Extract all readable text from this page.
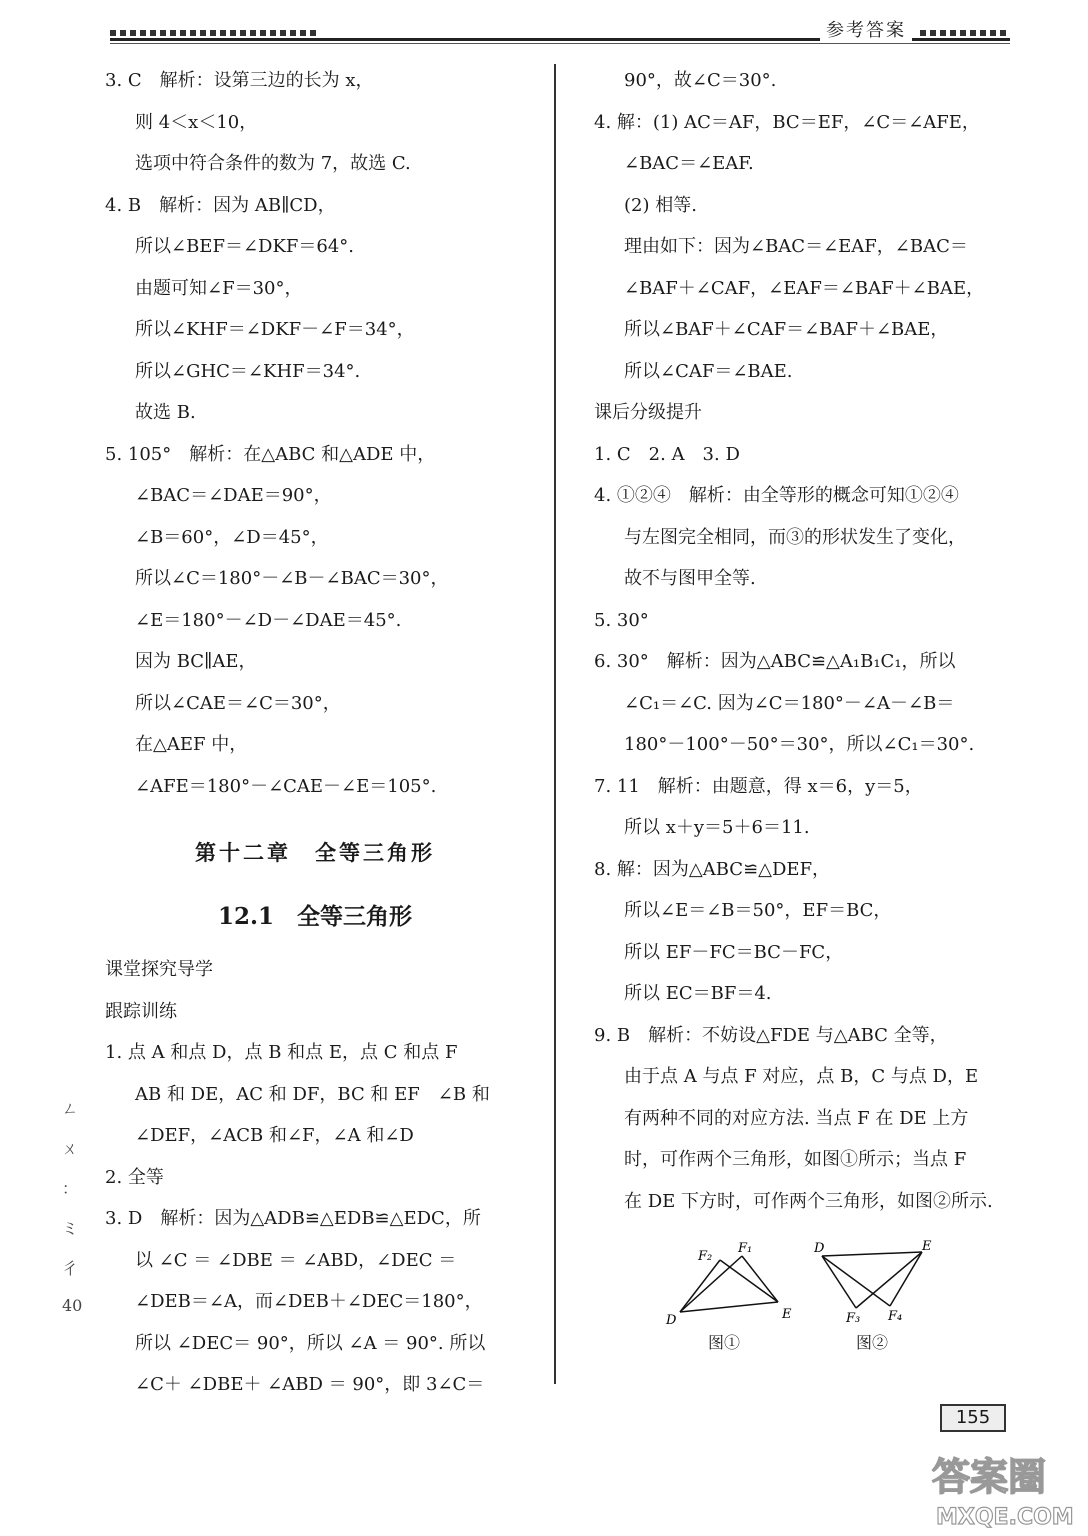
参考答案
3. C　解析：设第三边的长为 x，
则 4＜x＜10，
选项中符合条件的数为 7，故选 C.
4. B　解析：因为 AB∥CD，
所以∠BEF＝∠DKF＝64°.
由题可知∠F＝30°，
所以∠KHF＝∠DKF－∠F＝34°，
所以∠GHC＝∠KHF＝34°.
故选 B.
5. 105°　解析：在△ABC 和△ADE 中，
∠BAC＝∠DAE＝90°，
∠B＝60°，∠D＝45°，
所以∠C＝180°－∠B－∠BAC＝30°，
∠E＝180°－∠D－∠DAE＝45°.
因为 BC∥AE，
所以∠CAE＝∠C＝30°，
在△AEF 中，
∠AFE＝180°－∠CAE－∠E＝105°.
第十二章　全等三角形
12.1　全等三角形
课堂探究导学
跟踪训练
1. 点 A 和点 D，点 B 和点 E，点 C 和点 F
AB 和 DE，AC 和 DF，BC 和 EF　∠B 和
∠DEF，∠ACB 和∠F，∠A 和∠D
2. 全等
3. D　解析：因为△ADB≌△EDB≌△EDC，所
以 ∠C ＝ ∠DBE ＝ ∠ABD，∠DEC ＝
∠DEB＝∠A，而∠DEB＋∠DEC＝180°，
所以 ∠DEC＝ 90°，所以 ∠A ＝ 90°. 所以
∠C＋ ∠DBE＋ ∠ABD ＝ 90°，即 3∠C＝
90°，故∠C＝30°.
4. 解：(1) AC＝AF，BC＝EF，∠C＝∠AFE，
∠BAC＝∠EAF.
(2) 相等.
理由如下：因为∠BAC＝∠EAF，∠BAC＝
∠BAF＋∠CAF，∠EAF＝∠BAF＋∠BAE，
所以∠BAF＋∠CAF＝∠BAF＋∠BAE，
所以∠CAF＝∠BAE.
课后分级提升
1. C　2. A　3. D
4. ①②④　解析：由全等形的概念可知①②④
与左图完全相同，而③的形状发生了变化，
故不与图甲全等.
5. 30°
6. 30°　解析：因为△ABC≌△A₁B₁C₁，所以
∠C₁＝∠C. 因为∠C＝180°－∠A－∠B＝
180°－100°－50°＝30°，所以∠C₁＝30°.
7. 11　解析：由题意，得 x＝6，y＝5，
所以 x＋y＝5＋6＝11.
8. 解：因为△ABC≌△DEF，
所以∠E＝∠B＝50°，EF＝BC，
所以 EF－FC＝BC－FC，
所以 EC＝BF＝4.
9. B　解析：不妨设△FDE 与△ABC 全等，
由于点 A 与点 F 对应，点 B，C 与点 D，E
有两种不同的对应方法. 当点 F 在 DE 上方
时，可作两个三角形，如图①所示；当点 F
在 DE 下方时，可作两个三角形，如图②所示.
F₂
F₁
D	E
D	E
F₃ F₄
图①	图②
ㄥ
ㄨ
：
ミ
彳
40
155
答案圈
MXQE.COM
